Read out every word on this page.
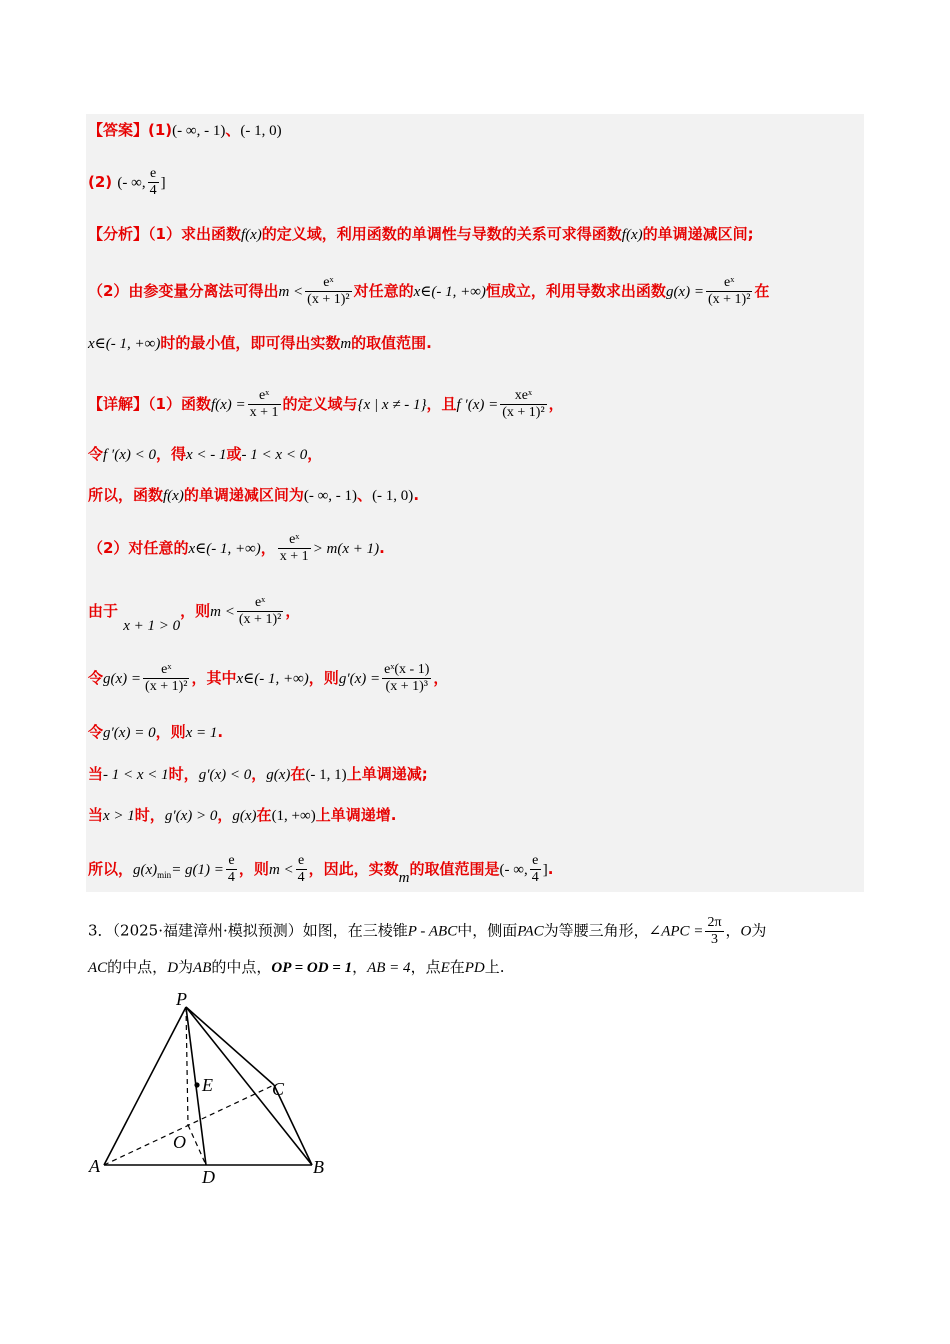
【答案】(1)(- ∞, - 1)、(- 1, 0)
(2) (- ∞, $\frac{e}{4}$ ]
【分析】（1）求出函数f(x)的定义域，利用函数的单调性与导数的关系可求得函数f(x)的单调递减区间;
（2）由参变量分离法可得出$m < \frac{\text{eˣ}}{\text{(x + 1)²}}$ 对任意的x∈(- 1, +∞)恒成立，利用导数求出函数$g(x) = \frac{\text{eˣ}}{\text{(x + 1)²}}$ 在
x∈(- 1, +∞)时的最小值，即可得出实数m的取值范围.
【详解】（1）函数$f(x) = \frac{\text{eˣ}}{x + 1}$ 的定义域与{x | x ≠ - 1}，且f $'(x) = \frac{\text{xeˣ}}{\text{(x + 1)²}}$ ，
令f ′(x) < 0，得x < - 1或- 1 < x < 0，
所以，函数f(x)的单调递减区间为(- ∞, - 1)、(- 1, 0).
（2）对任意的x∈(- 1, +∞)， $\frac{\text{eˣ}}{x + 1} > m(x + 1)$.
由于 x + 1 > 0，则$m < \frac{\text{eˣ}}{\text{(x + 1)²}}$ ，
令$g(x) = \frac{\text{eˣ}}{\text{(x + 1)²}}$ ，其中x∈(- 1, +∞)，则$g'(x) = \frac{\text{eˣ(x - 1)}}{\text{(x + 1)³}}$ ，
令g′(x) = 0，则x = 1.
当- 1 < x < 1时，g′(x) < 0，g(x)在(- 1, 1)上单调递减;
当x > 1时，g′(x) > 0，g(x)在(1, +∞)上单调递增.
所以，$g(x)_{min}= g(1) = \frac{e}{4}$ ，则$m < \frac{e}{4}$ ，因此，实数m的取值范围是(- ∞, $\frac{e}{4}$ ].
3．（2025·福建漳州·模拟预测）如图，在三棱锥P - ABC中，侧面PAC为等腰三角形，∠APC = $\frac{2\pi}{3}$ ，O为
AC的中点，D为AB的中点，OP = OD = 1，AB = 4，点E在PD上.
P
A	B
C
D
E
O
